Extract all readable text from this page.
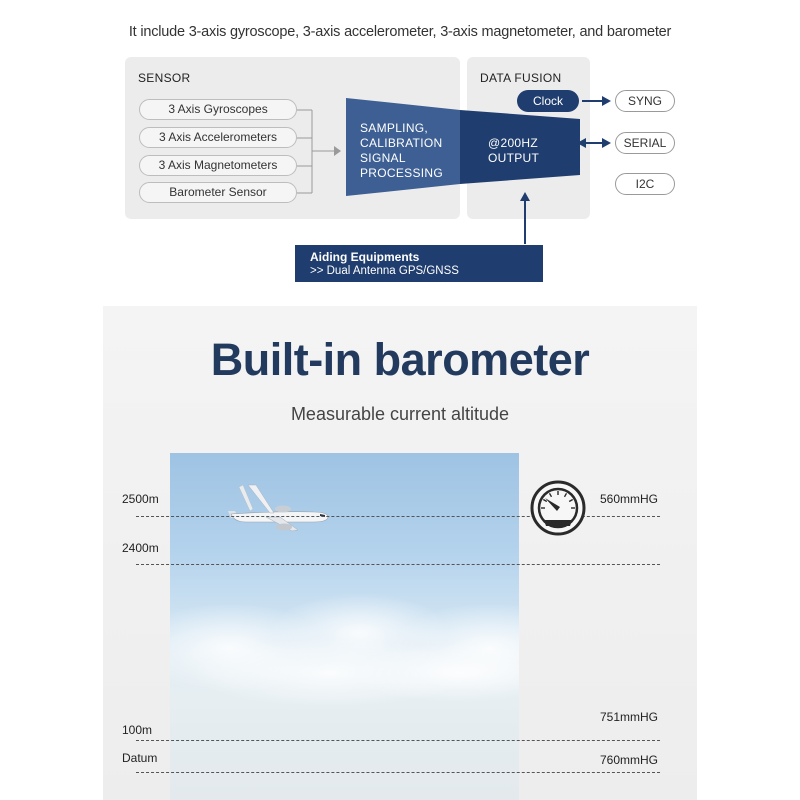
It include 3-axis gyroscope, 3-axis accelerometer, 3-axis magnetometer, and barometer
SENSOR	DATA FUSION
3 Axis Gyroscopes
3 Axis Accelerometers
3 Axis Magnetometers
Barometer Sensor
SAMPLING,
CALIBRATION
SIGNAL
PROCESSING
@200HZ
OUTPUT
Clock	SYNG
SERIAL
I2C
Aiding Equipments
>> Dual Antenna GPS/GNSS
Built-in barometer
Measurable current altitude
2500m
2400m
100m
Datum
560mmHG
751mmHG
760mmHG
